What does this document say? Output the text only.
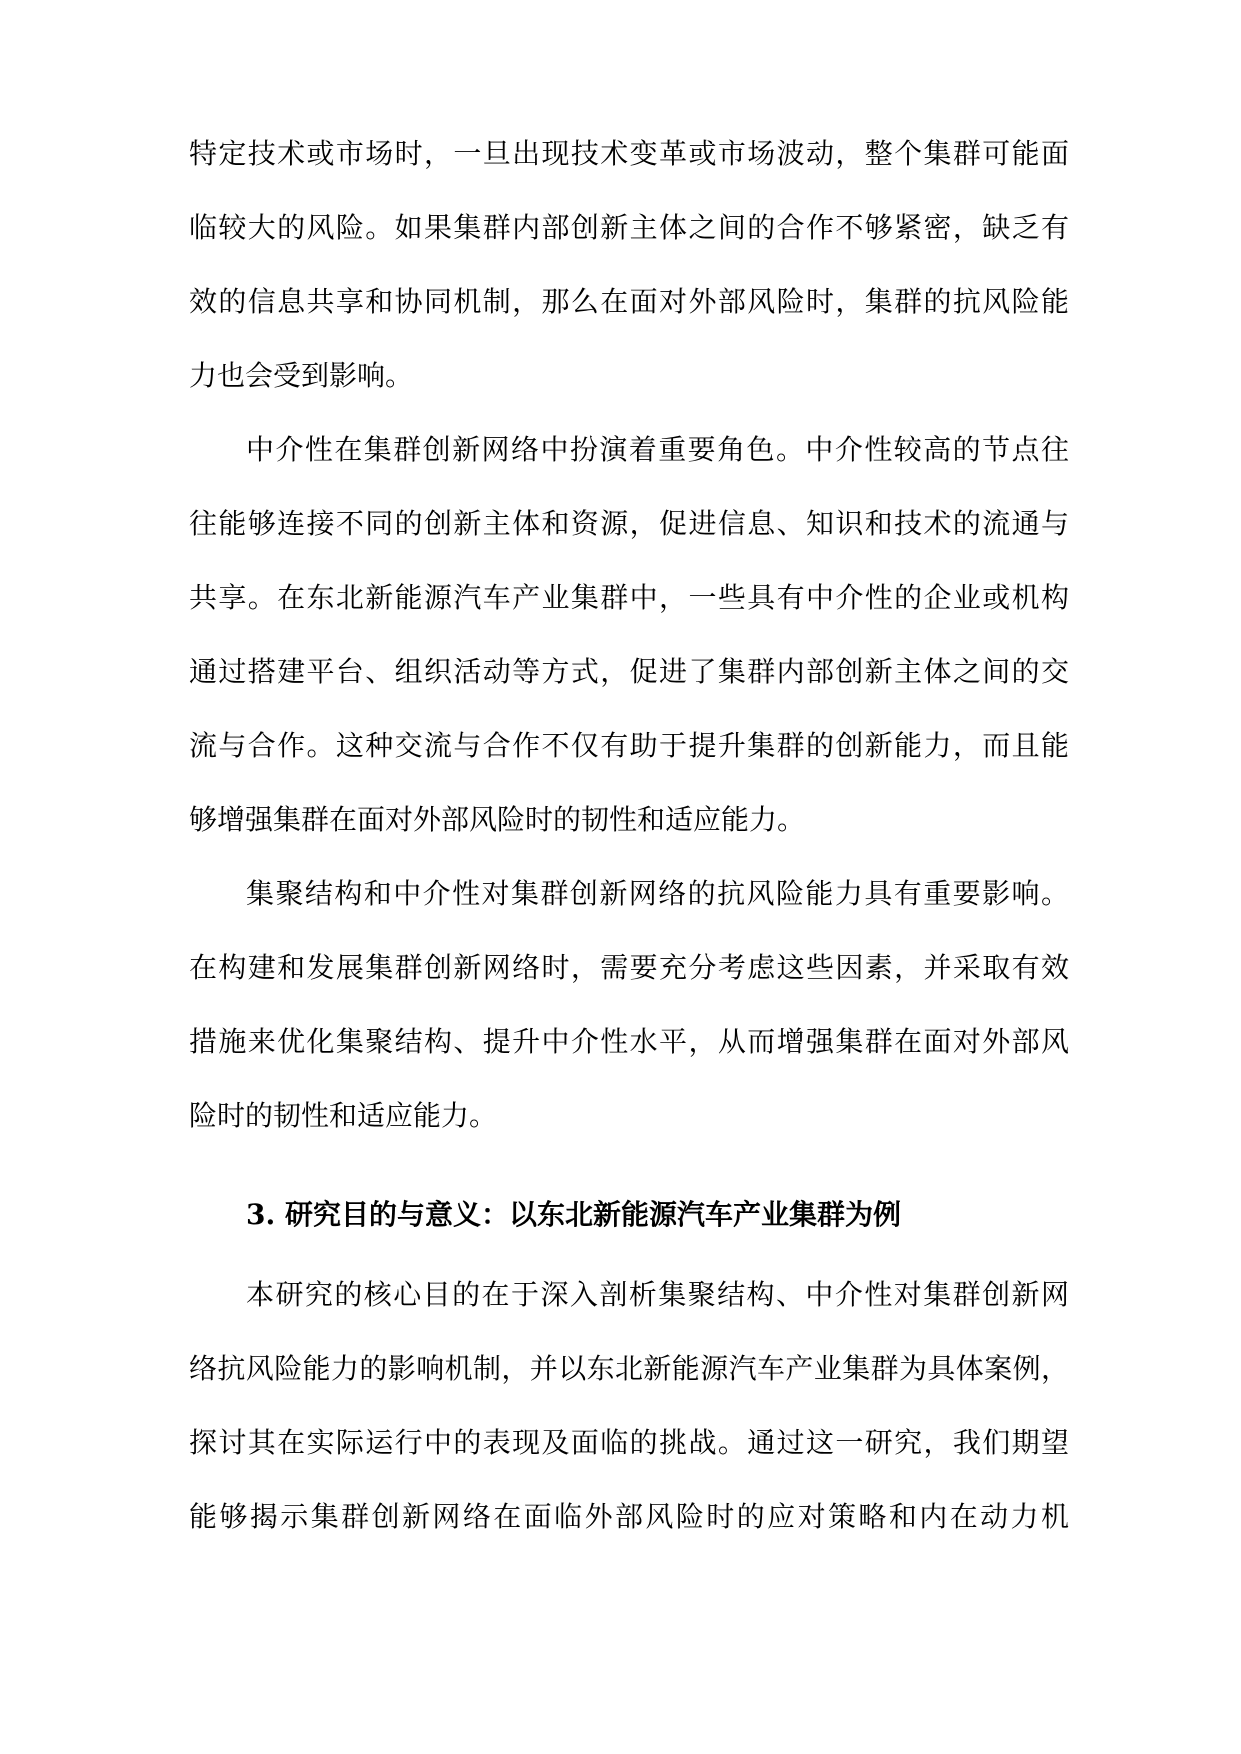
特定技术或市场时，一旦出现技术变革或市场波动，整个集群可能面
临较大的风险。如果集群内部创新主体之间的合作不够紧密，缺乏有
效的信息共享和协同机制，那么在面对外部风险时，集群的抗风险能
力也会受到影响。
中介性在集群创新网络中扮演着重要角色。中介性较高的节点往
往能够连接不同的创新主体和资源，促进信息、知识和技术的流通与
共享。在东北新能源汽车产业集群中，一些具有中介性的企业或机构
通过搭建平台、组织活动等方式，促进了集群内部创新主体之间的交
流与合作。这种交流与合作不仅有助于提升集群的创新能力，而且能
够增强集群在面对外部风险时的韧性和适应能力。
集聚结构和中介性对集群创新网络的抗风险能力具有重要影响。
在构建和发展集群创新网络时，需要充分考虑这些因素，并采取有效
措施来优化集聚结构、提升中介性水平，从而增强集群在面对外部风
险时的韧性和适应能力。
3. 研究目的与意义：以东北新能源汽车产业集群为例
本研究的核心目的在于深入剖析集聚结构、中介性对集群创新网
络抗风险能力的影响机制，并以东北新能源汽车产业集群为具体案例，
探讨其在实际运行中的表现及面临的挑战。通过这一研究，我们期望
能够揭示集群创新网络在面临外部风险时的应对策略和内在动力机
